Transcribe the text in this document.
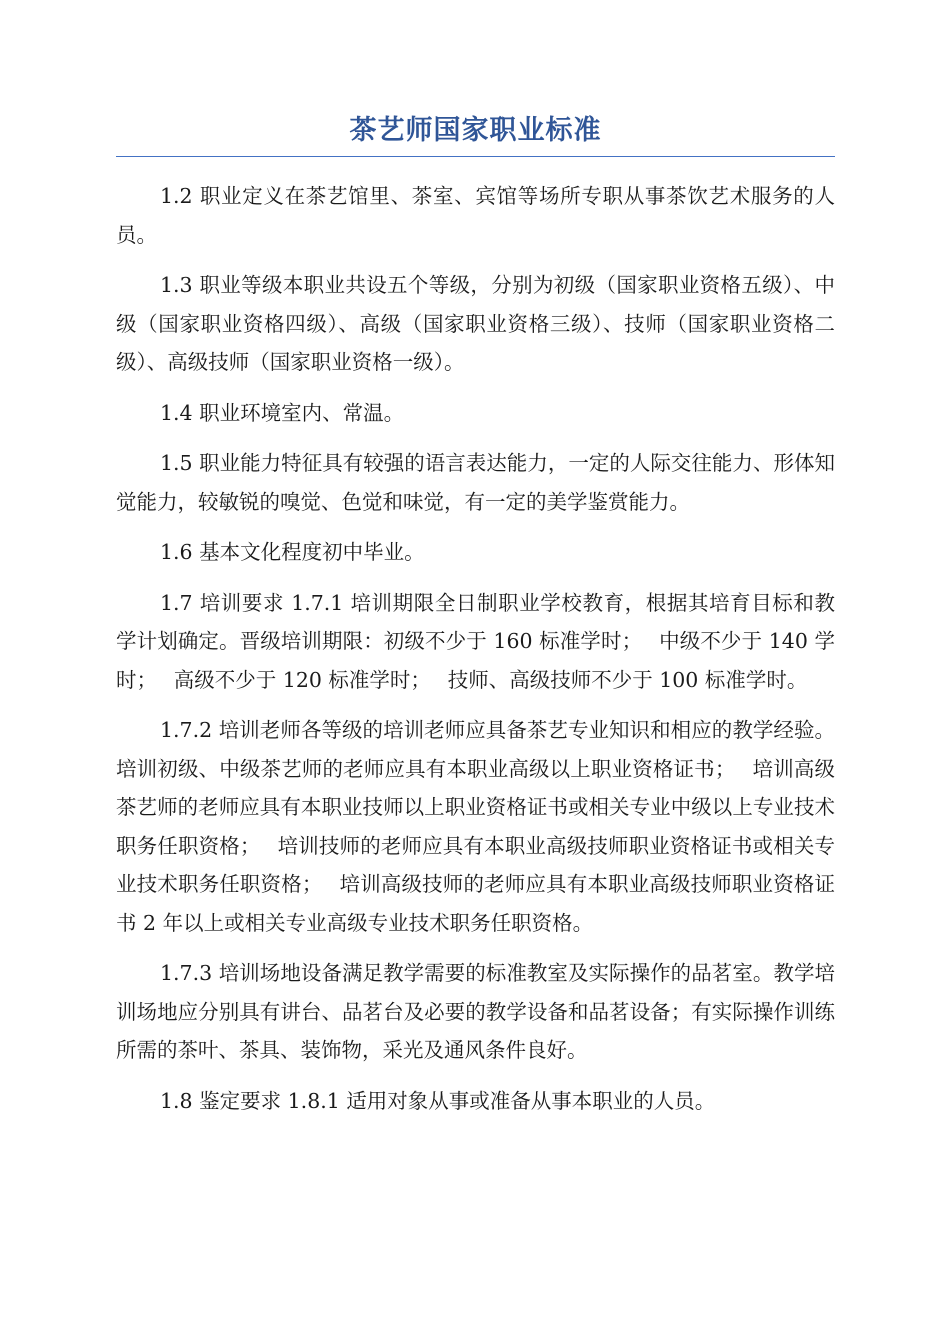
茶艺师国家职业标准

1.2 职业定义在茶艺馆里、茶室、宾馆等场所专职从事茶饮艺术服务的人员。

1.3 职业等级本职业共设五个等级，分别为初级（国家职业资格五级）、中级（国家职业资格四级）、高级（国家职业资格三级）、技师（国家职业资格二级）、高级技师（国家职业资格一级）。

1.4 职业环境室内、常温。

1.5 职业能力特征具有较强的语言表达能力，一定的人际交往能力、形体知觉能力，较敏锐的嗅觉、色觉和味觉，有一定的美学鉴赏能力。

1.6 基本文化程度初中毕业。

1.7 培训要求 1.7.1 培训期限全日制职业学校教育，根据其培育目标和教学计划确定。晋级培训期限：初级不少于 160 标准学时；　 中级不少于 140 学时；　 高级不少于 120 标准学时；　 技师、高级技师不少于 100 标准学时。

1.7.2 培训老师各等级的培训老师应具备茶艺专业知识和相应的教学经验。培训初级、中级茶艺师的老师应具有本职业高级以上职业资格证书；　 培训高级茶艺师的老师应具有本职业技师以上职业资格证书或相关专业中级以上专业技术职务任职资格；　 培训技师的老师应具有本职业高级技师职业资格证书或相关专业技术职务任职资格；　 培训高级技师的老师应具有本职业高级技师职业资格证书 2 年以上或相关专业高级专业技术职务任职资格。

1.7.3 培训场地设备满足教学需要的标准教室及实际操作的品茗室。教学培训场地应分别具有讲台、品茗台及必要的教学设备和品茗设备；有实际操作训练所需的茶叶、茶具、装饰物，采光及通风条件良好。

1.8 鉴定要求 1.8.1 适用对象从事或准备从事本职业的人员。
